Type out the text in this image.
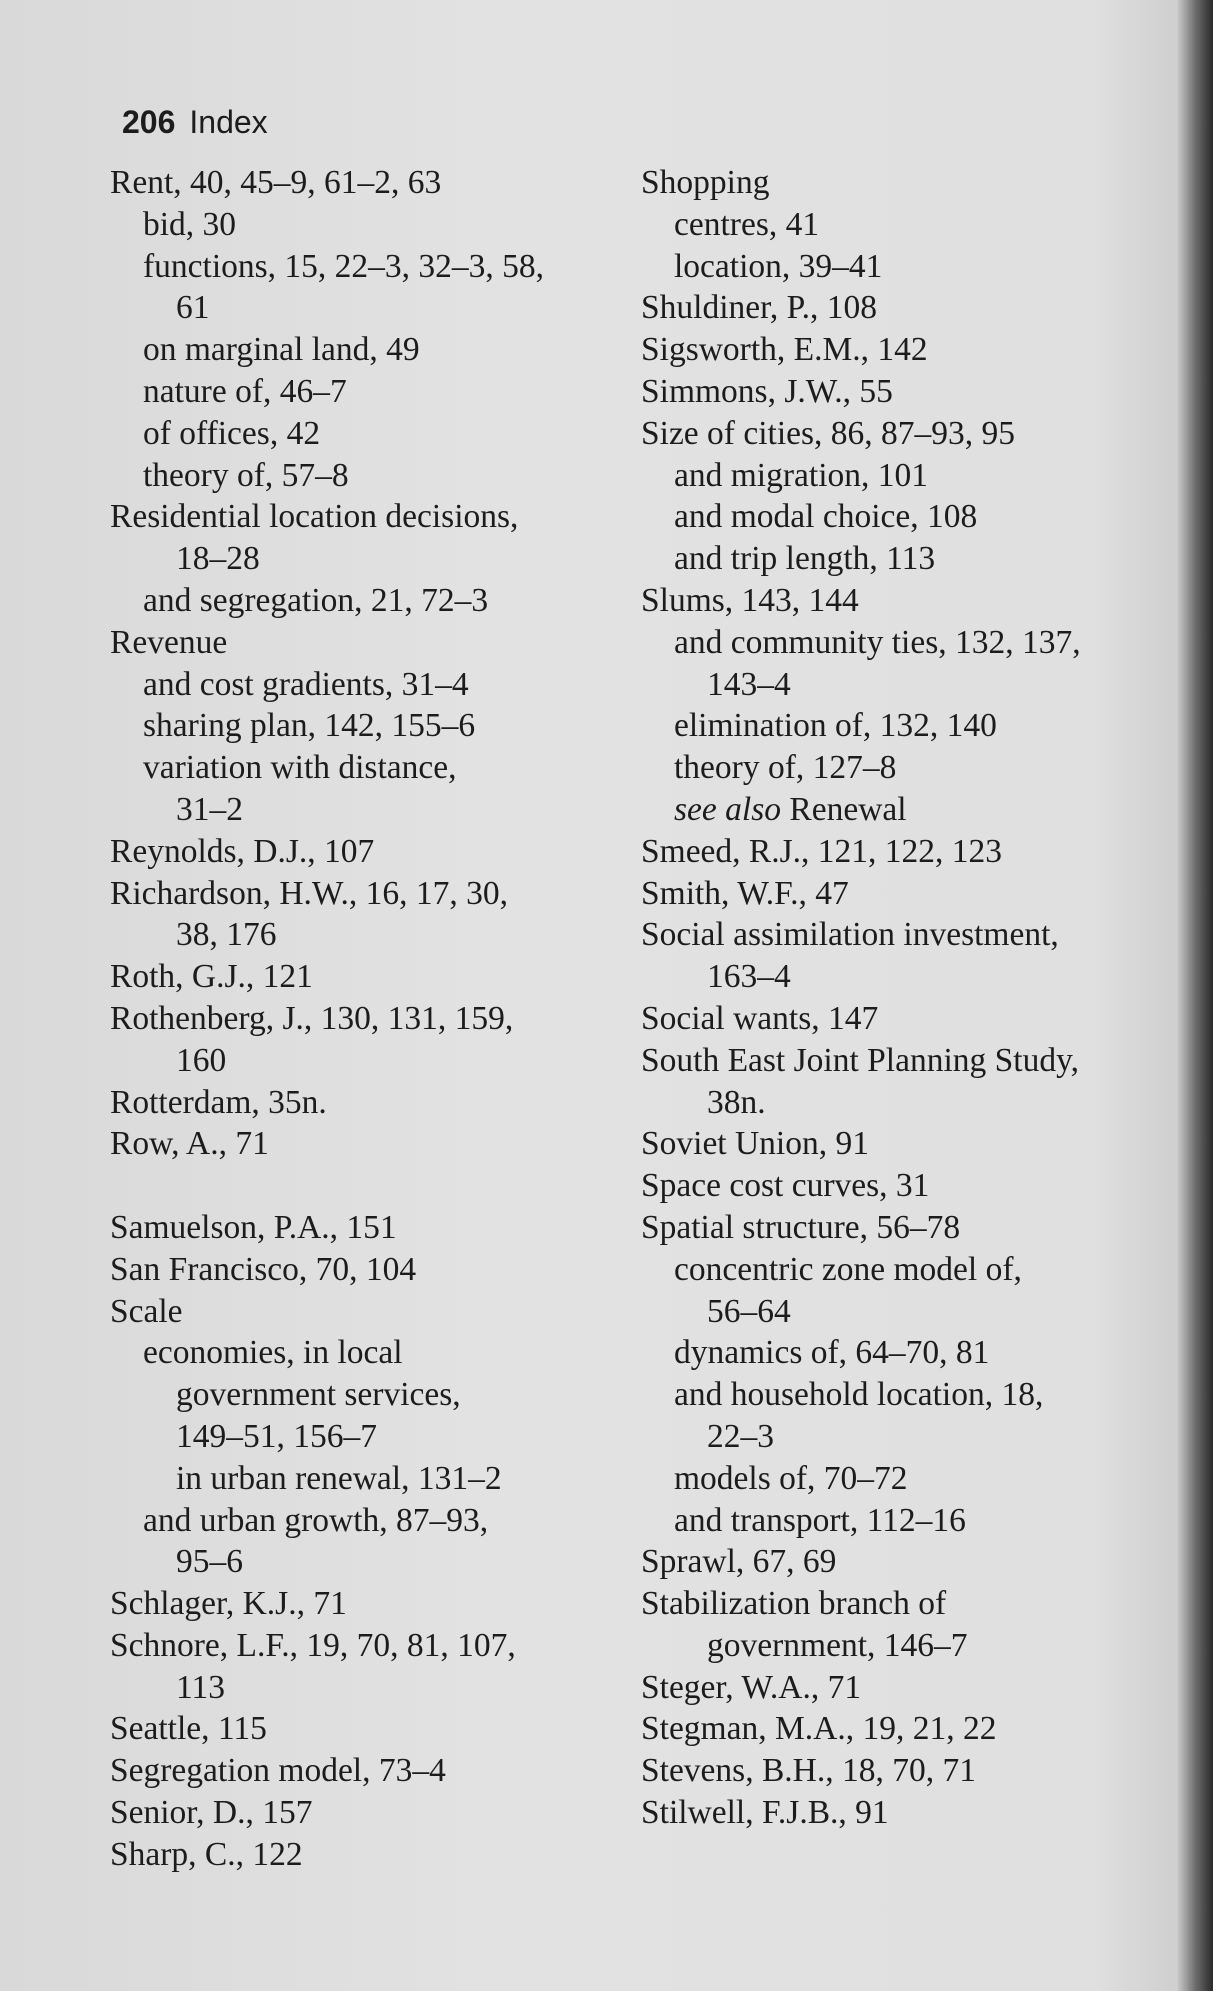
206 Index
Rent, 40, 45–9, 61–2, 63
bid, 30
functions, 15, 22–3, 32–3, 58,
61
on marginal land, 49
nature of, 46–7
of offices, 42
theory of, 57–8
Residential location decisions,
18–28
and segregation, 21, 72–3
Revenue
and cost gradients, 31–4
sharing plan, 142, 155–6
variation with distance,
31–2
Reynolds, D.J., 107
Richardson, H.W., 16, 17, 30,
38, 176
Roth, G.J., 121
Rothenberg, J., 130, 131, 159,
160
Rotterdam, 35n.
Row, A., 71
Samuelson, P.A., 151
San Francisco, 70, 104
Scale
economies, in local
government services,
149–51, 156–7
in urban renewal, 131–2
and urban growth, 87–93,
95–6
Schlager, K.J., 71
Schnore, L.F., 19, 70, 81, 107,
113
Seattle, 115
Segregation model, 73–4
Senior, D., 157
Sharp, C., 122
Shopping
centres, 41
location, 39–41
Shuldiner, P., 108
Sigsworth, E.M., 142
Simmons, J.W., 55
Size of cities, 86, 87–93, 95
and migration, 101
and modal choice, 108
and trip length, 113
Slums, 143, 144
and community ties, 132, 137,
143–4
elimination of, 132, 140
theory of, 127–8
see also Renewal
Smeed, R.J., 121, 122, 123
Smith, W.F., 47
Social assimilation investment,
163–4
Social wants, 147
South East Joint Planning Study,
38n.
Soviet Union, 91
Space cost curves, 31
Spatial structure, 56–78
concentric zone model of,
56–64
dynamics of, 64–70, 81
and household location, 18,
22–3
models of, 70–72
and transport, 112–16
Sprawl, 67, 69
Stabilization branch of
government, 146–7
Steger, W.A., 71
Stegman, M.A., 19, 21, 22
Stevens, B.H., 18, 70, 71
Stilwell, F.J.B., 91
